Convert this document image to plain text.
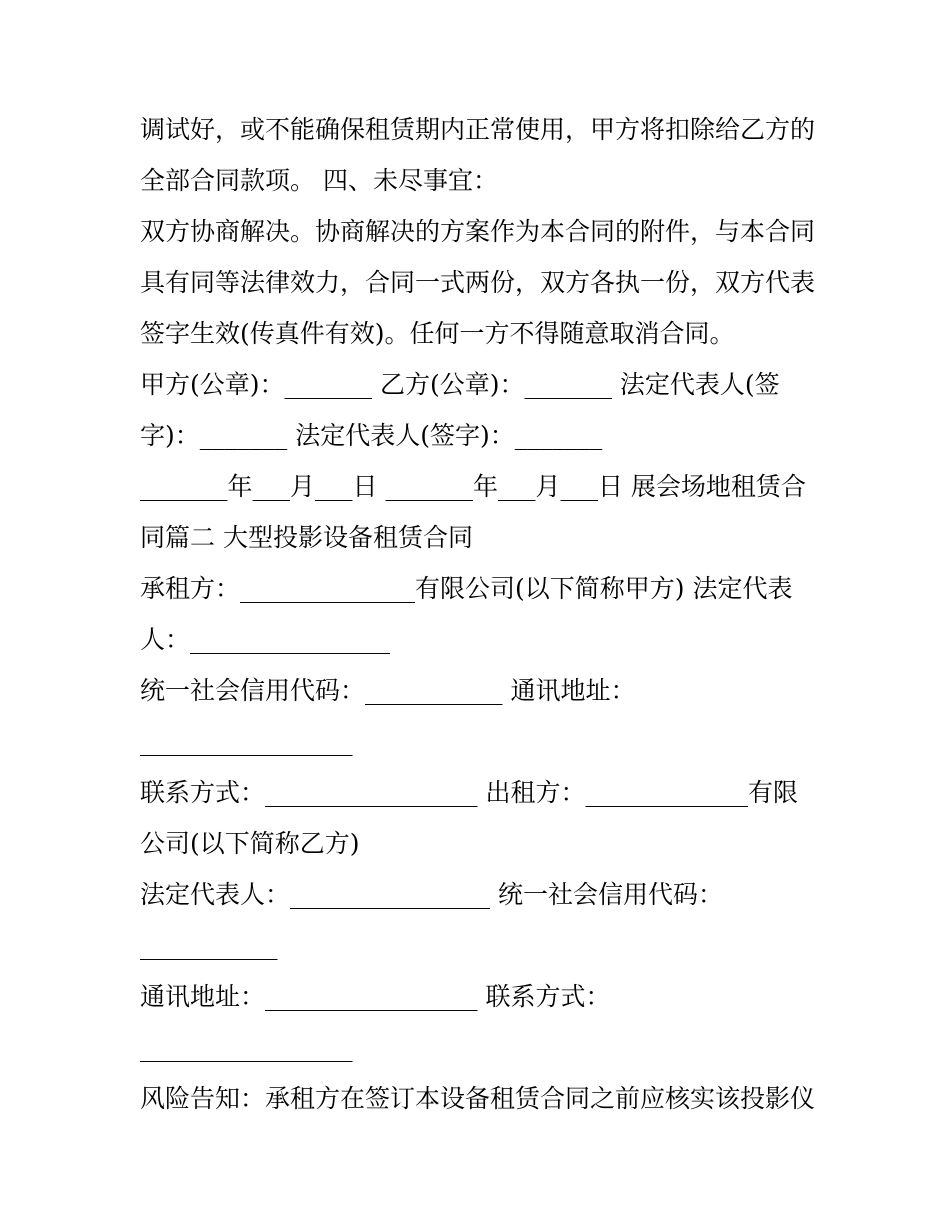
调试好，或不能确保租赁期内正常使用，甲方将扣除给乙方的
全部合同款项。 四、未尽事宜：
双方协商解决。协商解决的方案作为本合同的附件，与本合同
具有同等法律效力，合同一式两份，双方各执一份，双方代表
签字生效(传真件有效)。任何一方不得随意取消合同。
甲方(公章)：_______ 乙方(公章)：_______ 法定代表人(签
字)：_______ 法定代表人(签字)：_______
_______年___月___日 _______年___月___日 展会场地租赁合
同篇二 大型投影设备租赁合同
承租方：______________有限公司(以下简称甲方) 法定代表
人：________________
统一社会信用代码：___________ 通讯地址：
_________________
联系方式：_________________ 出租方：_____________有限
公司(以下简称乙方)
法定代表人：________________ 统一社会信用代码：
___________
通讯地址：_________________ 联系方式：
_________________
风险告知：承租方在签订本设备租赁合同之前应核实该投影仪
